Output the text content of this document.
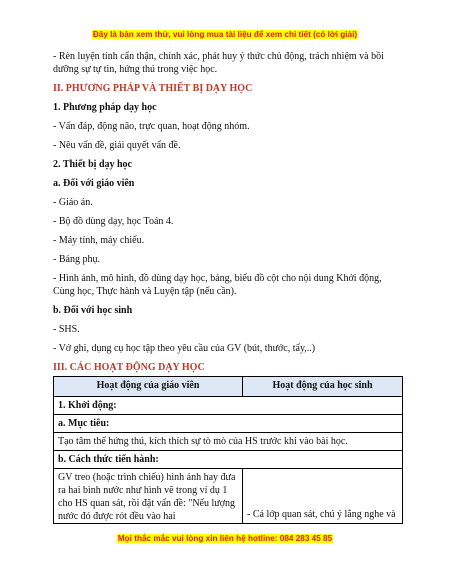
Đây là bản xem thử, vui lòng mua tài liệu để xem chi tiết (có lời giải)

- Rèn luyện tính cẩn thận, chính xác, phát huy ý thức chủ động, trách nhiệm và bồi dưỡng sự tự tin, hứng thú trong việc học.

II. PHƯƠNG PHÁP VÀ THIẾT BỊ DẠY HỌC

1. Phương pháp dạy học

- Vấn đáp, động não, trực quan, hoạt động nhóm.

- Nêu vấn đề, giải quyết vấn đề.

2. Thiết bị dạy học

a. Đối với giáo viên

- Giáo án.

- Bộ đồ dùng dạy, học Toán 4.

- Máy tính, máy chiếu.

- Bảng phụ.

- Hình ảnh, mô hình, đồ dùng dạy học, bảng, biểu đồ cột cho nội dung Khởi động, Cùng học, Thực hành và Luyện tập (nếu cần).

b. Đối với học sinh

- SHS.

- Vở ghi, dụng cụ học tập theo yêu cầu của GV (bút, thước, tẩy,..)

III. CÁC HOẠT ĐỘNG DẠY HỌC

Hoạt động của giáo viên	Hoạt động của học sinh
1. Khởi động:	
a. Mục tiêu:	
Tạo tâm thế hứng thú, kích thích sự tò mò của HS trước khi vào bài học.	
b. Cách thức tiến hành:	

GV treo (hoặc trình chiếu) hình ảnh hay đưa ra hai bình nước như hình vẽ trong ví dụ 1 cho HS quan sát, rồi đặt vấn đề: "Nếu lượng nước đó được rót đều vào hai	- Cả lớp quan sát, chú ý lắng nghe và
Mọi thắc mắc vui lòng xin liên hệ hotline: 084 283 45 85
